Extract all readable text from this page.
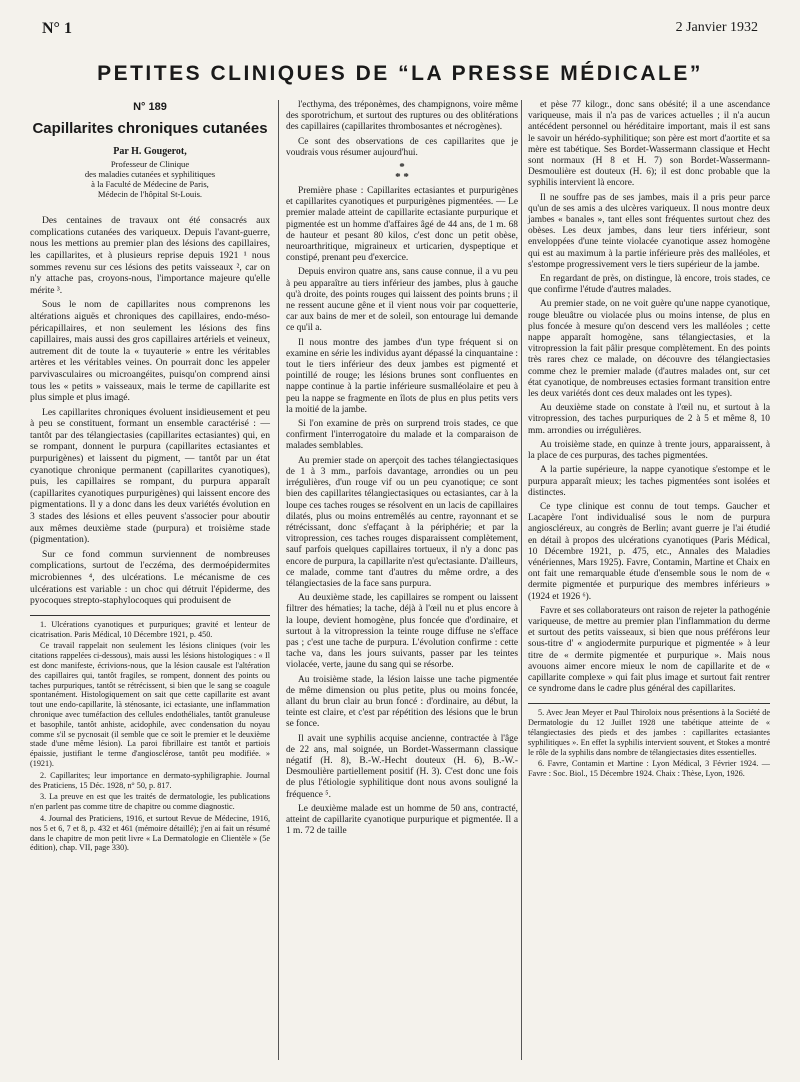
N° 1	2 Janvier 1932
PETITES CLINIQUES DE “LA PRESSE MÉDICALE”
N° 189
Capillarites chroniques cutanées
Par H. Gougerot,
Professeur de Clinique
des maladies cutanées et syphilitiques
à la Faculté de Médecine de Paris,
Médecin de l'hôpital St-Louis.

Des centaines de travaux ont été consacrés aux complications cutanées des variqueux. Depuis l'avant-guerre, nous les mettions au premier plan des lésions des capillaires, les capillarites, et à plusieurs reprise depuis 1921 ¹ nous sommes revenu sur ces lésions des petits vaisseaux ², car on n'y attache pas, croyons-nous, l'importance majeure qu'elle mérite ³.

Sous le nom de capillarites nous comprenons les altérations aiguës et chroniques des capillaires, endo-méso-péricapillaires, et non seulement les lésions des fins capillaires, mais aussi des gros capillaires artériels et veineux, autrement dit de toute la « tuyauterie » entre les véritables artères et les véritables veines. On pourrait donc les appeler parvivasculaires ou microangéites, puisqu'on comprend ainsi tous les « petits » vaisseaux, mais le terme de capillarite est plus simple et plus imagé.

Les capillarites chroniques évoluent insidieusement et peu à peu se constituent, formant un ensemble caractérisé : — tantôt par des télangiectasies (capillarites ectasiantes) qui, en se rompant, donnent le purpura (capillarites ectasiantes et purpurigènes) et laissent du pigment, — tantôt par un état cyanotique chronique permanent (capillarites cyanotiques), puis, les capillaires se rompant, du purpura apparaît (capillarites cyanotiques purpurigènes) qui laissent encore des pigmentations. Il y a donc dans les deux variétés évolution en 3 stades des lésions et elles peuvent s'associer pour aboutir aux mêmes deuxième stade (purpura) et troisième stade (pigmentation).

Sur ce fond commun surviennent de nombreuses complications, surtout de l'eczéma, des dermoépidermites microbiennes ⁴, des ulcérations. Le mécanisme de ces ulcérations est variable : un choc qui détruit l'épiderme, des pyocoques strepto-staphylocoques qui produisent de

1. Ulcérations cyanotiques et purpuriques; gravité et lenteur de cicatrisation. Paris Médical, 10 Décembre 1921, p. 450.

Ce travail rappelait non seulement les lésions cliniques (voir les citations rappelées ci-dessous), mais aussi les lésions histologiques : « Il est donc manifeste, écrivions-nous, que la lésion causale est l'altération des capillaires qui, tantôt fragiles, se rompent, donnent des points ou taches purpuriques, tantôt se rétrécissent, si bien que le sang se coagule spontanément. Histologiquement on sait que cette capillarite est avant tout une endo-capillarite, là sténosante, ici ectasiante, une inflammation chronique avec tuméfaction des cellules endothéliales, tantôt granuleuse et basophile, tantôt anhiste, acidophile, avec condensation du noyau comme s'il se pycnosait (il semble que ce soit le premier et le deuxième stade d'une même lésion). La paroi fibrillaire est tantôt et partiois épaissie, justifiant le terme d'angiosclérose, tantôt peu modifiée. » (1921).

2. Capillarites; leur importance en dermato-syphiligraphie. Journal des Praticiens, 15 Déc. 1928, n° 50, p. 817.

3. La preuve en est que les traités de dermatologie, les publications n'en parlent pas comme titre de chapitre ou comme diagnostic.

4. Journal des Praticiens, 1916, et surtout Revue de Médecine, 1916, nos 5 et 6, 7 et 8, p. 432 et 461 (mémoire détaillé); j'en ai fait un résumé dans le chapitre de mon petit livre « La Dermatologie en Clientèle » (5e édition), chap. VII, page 330).

l'ecthyma, des tréponèmes, des champignons, voire même des sporotrichum, et surtout des ruptures ou des oblitérations des capillaires (capillarites thrombosantes et nécrogènes).

Ce sont des observations de ces capillarites que je voudrais vous résumer aujourd'hui.

*
* *

Première phase : Capillarites ectasiantes et purpurigènes et capillarites cyanotiques et purpurigènes pigmentées. — Le premier malade atteint de capillarite ectasiante purpurique et pigmentée est un homme d'affaires âgé de 44 ans, de 1 m. 68 de hauteur et pesant 80 kilos, c'est donc un petit obèse, neuroarthritique, migraineux et urticarien, dyspeptique et constipé, prenant peu d'exercice.

Depuis environ quatre ans, sans cause connue, il a vu peu à peu apparaître au tiers inférieur des jambes, plus à gauche qu'à droite, des points rouges qui laissent des points bruns ; il ne ressent aucune gêne et il vient nous voir par coquetterie, car aux bains de mer et de soleil, son entourage lui demande ce qu'il a.

Il nous montre des jambes d'un type fréquent si on examine en série les individus ayant dépassé la cinquantaine : tout le tiers inférieur des deux jambes est pigmenté et pointillé de rouge; les lésions brunes sont confluentes en nappe continue à la partie inférieure susmalléolaire et peu à peu la nappe se fragmente en îlots de plus en plus petits vers la moitié de la jambe.

Si l'on examine de près on surprend trois stades, ce que confirment l'interrogatoire du malade et la comparaison de malades semblables.

Au premier stade on aperçoit des taches télangiectasiques de 1 à 3 mm., parfois davantage, arrondies ou un peu irrégulières, d'un rouge vif ou un peu cyanotique; ce sont bien des capillarites télangiectasiques ou ectasiantes, car à la loupe ces taches rouges se résolvent en un lacis de capillaires dilatés, plus ou moins entremêlés au centre, rayonnant et se rétrécissant, donc s'effaçant à la périphérie; et par la vitropression, ces taches rouges disparaissent complètement, sauf parfois quelques capillaires tortueux, il n'y a donc pas encore de purpura, la capillarite n'est qu'ectasiante. D'ailleurs, ce malade, comme tant d'autres du même ordre, a des télangiectasies de la face sans purpura.

Au deuxième stade, les capillaires se rompent ou laissent filtrer des hématies; la tache, déjà à l'œil nu et plus encore à la loupe, devient homogène, plus foncée que d'ordinaire, et surtout à la vitropression la teinte rouge diffuse ne s'efface pas ; c'est une tache de purpura. L'évolution confirme : cette tache va, dans les jours suivants, passer par les teintes violacée, verte, jaune du sang qui se résorbe.

Au troisième stade, la lésion laisse une tache pigmentée de même dimension ou plus petite, plus ou moins foncée, allant du brun clair au brun foncé : d'ordinaire, au début, la teinte est claire, et c'est par répétition des lésions que le brun se fonce.

Il avait une syphilis acquise ancienne, contractée à l'âge de 22 ans, mal soignée, un Bordet-Wassermann classique négatif (H. 8), B.-W.-Hecht douteux (H. 6), B.-W.-Desmoulière partiellement positif (H. 3). C'est donc une fois de plus l'étiologie syphilitique dont nous avons souligné la fréquence ⁵.

Le deuxième malade est un homme de 50 ans, contracté, atteint de capillarite cyanotique purpurique et pigmentée. Il a 1 m. 72 de taille

et pèse 77 kilogr., donc sans obésité; il a une ascendance variqueuse, mais il n'a pas de varices actuelles ; il n'a aucun antécédent personnel ou héréditaire important, mais il est sans le savoir un hérédo-syphilitique; son père est mort d'aortite et sa mère est tabétique. Ses Bordet-Wassermann classique et Hecht sont normaux (H 8 et H. 7) son Bordet-Wassermann-Desmoulière est douteux (H. 6); il est donc probable que la syphilis intervient là encore.

Il ne souffre pas de ses jambes, mais il a pris peur parce qu'un de ses amis a des ulcères variqueux. Il nous montre deux jambes « banales », tant elles sont fréquentes surtout chez des obèses. Les deux jambes, dans leur tiers inférieur, sont enveloppées d'une teinte violacée cyanotique assez homogène qui est au maximum à la partie inférieure près des malléoles, et s'estompe progressivement vers le tiers supérieur de la jambe.

En regardant de près, on distingue, là encore, trois stades, ce que confirme l'étude d'autres malades.

Au premier stade, on ne voit guère qu'une nappe cyanotique, rouge bleuâtre ou violacée plus ou moins intense, de plus en plus foncée à mesure qu'on descend vers les malléoles ; cette nappe apparaît homogène, sans télangiectasies, et la vitropression la fait pâlir presque complètement. En des points très rares chez ce malade, on découvre des télangiectasies comme chez le premier malade (d'autres malades ont, sur cet état cyanotique, de nombreuses ectasies formant transition entre les deux variétés dont ces deux malades ont les types).

Au deuxième stade on constate à l'œil nu, et surtout à la vitropression, des taches purpuriques de 2 à 5 et même 8, 10 mm. arrondies ou irrégulières.

Au troisième stade, en quinze à trente jours, apparaissent, à la place de ces purpuras, des taches pigmentées.

A la partie supérieure, la nappe cyanotique s'estompe et le purpura apparaît mieux; les taches pigmentées sont isolées et distinctes.

Ce type clinique est connu de tout temps. Gaucher et Lacapère l'ont individualisé sous le nom de purpura angioscléreux, au congrès de Berlin; avant guerre je l'ai étudié en détail à propos des ulcérations cyanotiques (Paris Médical, 10 Décembre 1921, p. 475, etc., Annales des Maladies vénériennes, Mars 1925). Favre, Contamin, Martine et Chaix en ont fait une remarquable étude d'ensemble sous le nom de « dermite pigmentée et purpurique des membres inférieurs » (1924 et 1926 ⁶).

Favre et ses collaborateurs ont raison de rejeter la pathogénie variqueuse, de mettre au premier plan l'inflammation du derme et surtout des petits vaisseaux, si bien que nous préférons leur sous-titre d' « angiodermite purpurique et pigmentée » à leur titre de « dermite pigmentée et purpurique ». Mais nous avouons aimer encore mieux le nom de capillarite et de « capillarite complexe » qui fait plus image et surtout fait rentrer ce syndrome dans le cadre plus général des capillarites.

5. Avec Jean Meyer et Paul Thiroloix nous présentions à la Société de Dermatologie du 12 Juillet 1928 une tabétique atteinte de « télangiectasies des pieds et des jambes : capillarites ectasiantes syphilitiques ». En effet la syphilis intervient souvent, et Stokes a montré le rôle de la syphilis dans nombre de télangiectasies dites essentielles.

6. Favre, Contamin et Martine : Lyon Médical, 3 Février 1924. — Favre : Soc. Biol., 15 Décembre 1924. Chaix : Thèse, Lyon, 1926.
